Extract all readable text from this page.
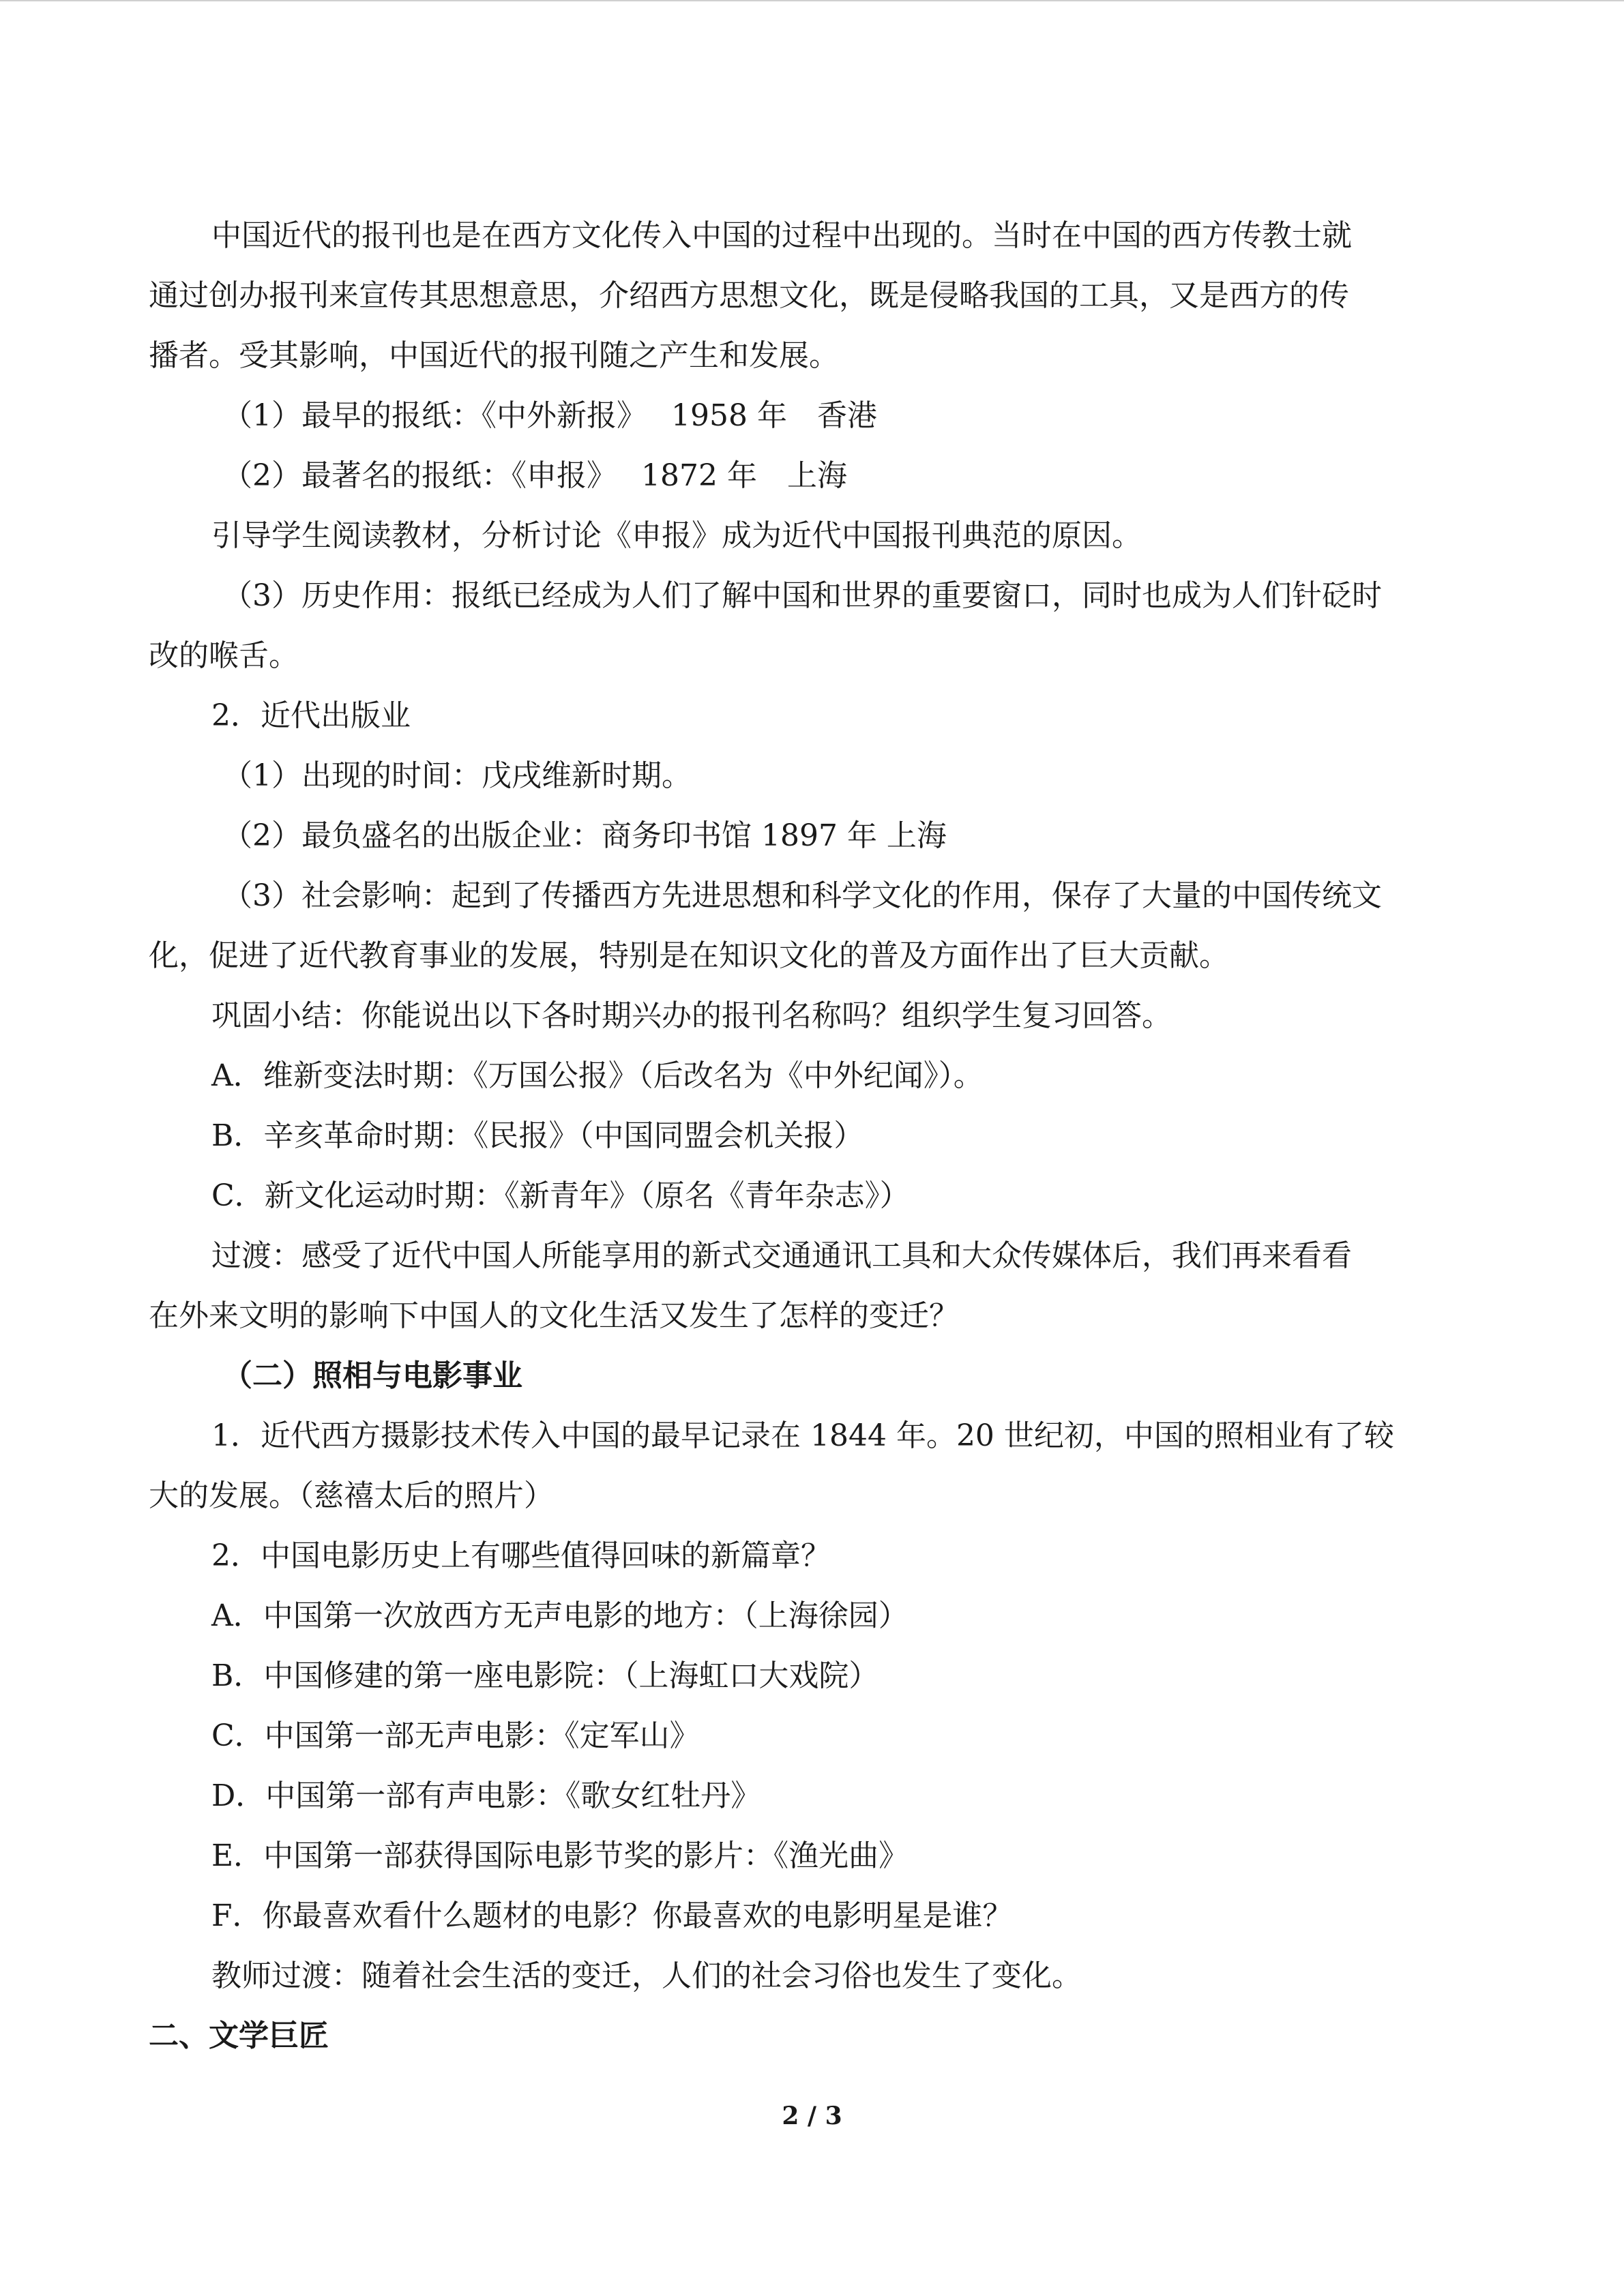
中国近代的报刊也是在西方文化传入中国的过程中出现的。当时在中国的西方传教士就
通过创办报刊来宣传其思想意思，介绍西方思想文化，既是侵略我国的工具，又是西方的传
播者。受其影响，中国近代的报刊随之产生和发展。
（1）最早的报纸：《中外新报》　 1958 年　香港
（2）最著名的报纸：《申报》　 1872 年　上海
引导学生阅读教材，分析讨论《申报》成为近代中国报刊典范的原因。
（3）历史作用：报纸已经成为人们了解中国和世界的重要窗口，同时也成为人们针砭时
改的喉舌。
2．近代出版业
（1）出现的时间：戊戌维新时期。
（2）最负盛名的出版企业：商务印书馆 1897 年 上海
（3）社会影响：起到了传播西方先进思想和科学文化的作用，保存了大量的中国传统文
化，促进了近代教育事业的发展，特别是在知识文化的普及方面作出了巨大贡献。
巩固小结：你能说出以下各时期兴办的报刊名称吗？组织学生复习回答。
A．维新变法时期：《万国公报》（后改名为《中外纪闻》）。
B．辛亥革命时期：《民报》（中国同盟会机关报）
C．新文化运动时期：《新青年》（原名《青年杂志》）
过渡：感受了近代中国人所能享用的新式交通通讯工具和大众传媒体后，我们再来看看
在外来文明的影响下中国人的文化生活又发生了怎样的变迁？
（二）照相与电影事业
1．近代西方摄影技术传入中国的最早记录在 1844 年。20 世纪初，中国的照相业有了较
大的发展。（慈禧太后的照片）
2．中国电影历史上有哪些值得回味的新篇章？
A．中国第一次放西方无声电影的地方：（上海徐园）
B．中国修建的第一座电影院：（上海虹口大戏院）
C．中国第一部无声电影：《定军山》
D．中国第一部有声电影：《歌女红牡丹》
E．中国第一部获得国际电影节奖的影片：《渔光曲》
F．你最喜欢看什么题材的电影？你最喜欢的电影明星是谁？
教师过渡：随着社会生活的变迁，人们的社会习俗也发生了变化。
二、文学巨匠
2 / 3
